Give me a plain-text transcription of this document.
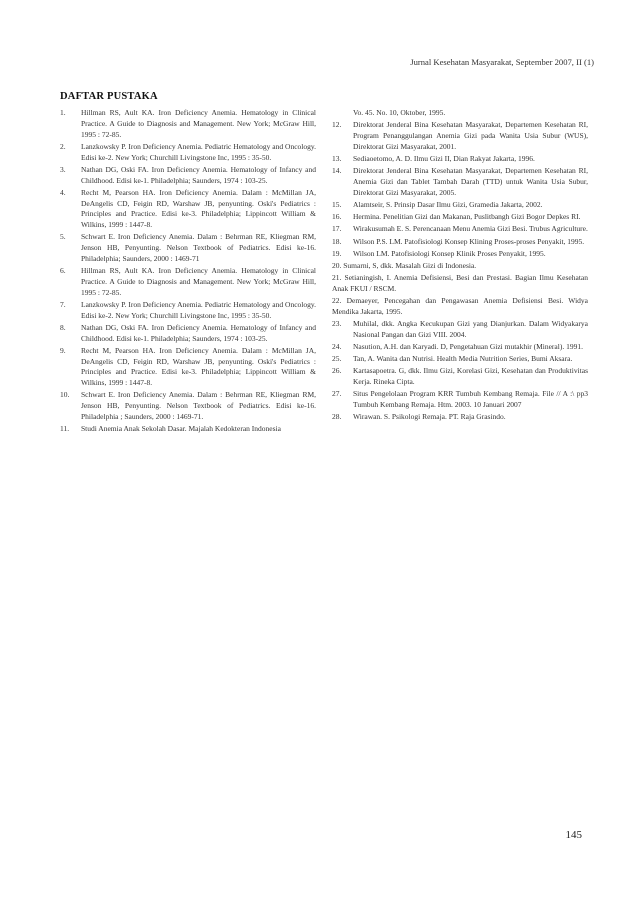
Jurnal Kesehatan Masyarakat, September 2007, II (1)
DAFTAR PUSTAKA
1.	Hillman RS, Ault KA. Iron Deficiency Anemia. Hematology in Clinical Practice. A Guide to Diagnosis and Management. New York; McGraw Hill, 1995 : 72-85.
2.	Lanzkowsky P. Iron Deficiency Anemia. Pediatric Hematology and Oncology. Edisi ke-2. New York; Churchill Livingstone Inc, 1995 : 35-50.
3.	Nathan DG, Oski FA. Iron Deficiency Anemia. Hematology of Infancy and Childhood. Edisi ke-1. Philadelphia; Saunders, 1974 : 103-25.
4.	Recht M, Pearson HA. Iron Deficiency Anemia. Dalam : McMillan JA, DeAngelis CD, Feigin RD, Warshaw JB, penyunting. Oski's Pediatrics : Principles and Practice. Edisi ke-3. Philadelphia; Lippincott William & Wilkins, 1999 : 1447-8.
5.	Schwart E. Iron Deficiency Anemia. Dalam : Behrman RE, Kliegman RM, Jenson HB, Penyunting. Nelson Textbook of Pediatrics. Edisi ke-16. Philadelphia; Saunders, 2000 : 1469-71
6.	Hillman RS, Ault KA. Iron Deficiency Anemia. Hematology in Clinical Practice. A Guide to Diagnosis and Management. New York; McGraw Hill, 1995 : 72-85.
7.	Lanzkowsky P. Iron Deficiency Anemia. Pediatric Hematology and Oncology. Edisi ke-2. New York; Churchill Livingstone Inc, 1995 : 35-50.
8.	Nathan DG, Oski FA. Iron Deficiency Anemia. Hematology of Infancy and Childhood. Edisi ke-1. Philadelphia; Saunders, 1974 : 103-25.
9.	Recht M, Pearson HA. Iron Deficiency Anemia. Dalam : McMillan JA, DeAngelis CD, Feigin RD, Warshaw JB, penyunting. Oski's Pediatrics : Principles and Practice. Edisi ke-3. Philadelphia; Lippincott William & Wilkins, 1999 : 1447-8.
10.	Schwart E. Iron Deficiency Anemia. Dalam : Behrman RE, Kliegman RM, Jenson HB, Penyunting. Nelson Textbook of Pediatrics. Edisi ke-16. Philadelphia ; Saunders, 2000 : 1469-71.
11.	Studi Anemia Anak Sekolah Dasar. Majalah Kedokteran Indonesia
Vo. 45. No. 10, Oktober, 1995.
12.	Direktorat Jenderal Bina Kesehatan Masyarakat, Departemen Kesehatan RI, Program Penanggulangan Anemia Gizi pada Wanita Usia Subur (WUS), Direktorat Gizi Masyarakat, 2001.
13.	Sediaoetomo, A. D. Ilmu Gizi II, Dian Rakyat Jakarta, 1996.
14.	Direktorat Jenderal Bina Kesehatan Masyarakat, Departemen Kesehatan RI, Anemia Gizi dan Tablet Tambah Darah (TTD) untuk Wanita Usia Subur, Direktorat Gizi Masyarakat, 2005.
15.	Alamtseir, S. Prinsip Dasar Ilmu Gizi, Gramedia Jakarta, 2002.
16.	Hermina. Penelitian Gizi dan Makanan, Puslitbangh Gizi Bogor Depkes RI.
17.	Wirakusumah E. S. Perencanaan Menu Anemia Gizi Besi. Trubus Agriculture.
18.	Wilson P.S. LM. Patofisiologi Konsep Klining Proses-proses Penyakit, 1995.
19.	Wilson LM. Patofisiologi Konsep Klinik Proses Penyakit, 1995.
20. Sumarni, S, dkk. Masalah Gizi di Indonesia.
21. Setianingish, I. Anemia Defisiensi, Besi dan Prestasi. Bagian Ilmu Kesehatan Anak FKUI / RSCM.
22. Demaeyer, Pencegahan dan Pengawasan Anemia Defisiensi Besi. Widya Mendika Jakarta, 1995.
23.	Muhilal, dkk. Angka Kecukupan Gizi yang Dianjurkan. Dalam Widyakarya Nasional Pangan dan Gizi VIII. 2004.
24.	Nasution, A.H. dan Karyadi. D, Pengetahuan Gizi mutakhir (Mineral). 1991.
25.	Tan, A. Wanita dan Nutrisi. Health Media Nutrition Series, Bumi Aksara.
26.	Kartasapoetra. G, dkk. Ilmu Gizi, Korelasi Gizi, Kesehatan dan Produktivitas Kerja. Rineka Cipta.
27.	Situs Pengelolaan Program KRR Tumbuh Kembang Remaja. File // A :\ pp3 Tumbuh Kembang Remaja. Htm. 2003. 10 Januari 2007
28.	Wirawan. S. Psikologi Remaja. PT. Raja Grasindo.
145
